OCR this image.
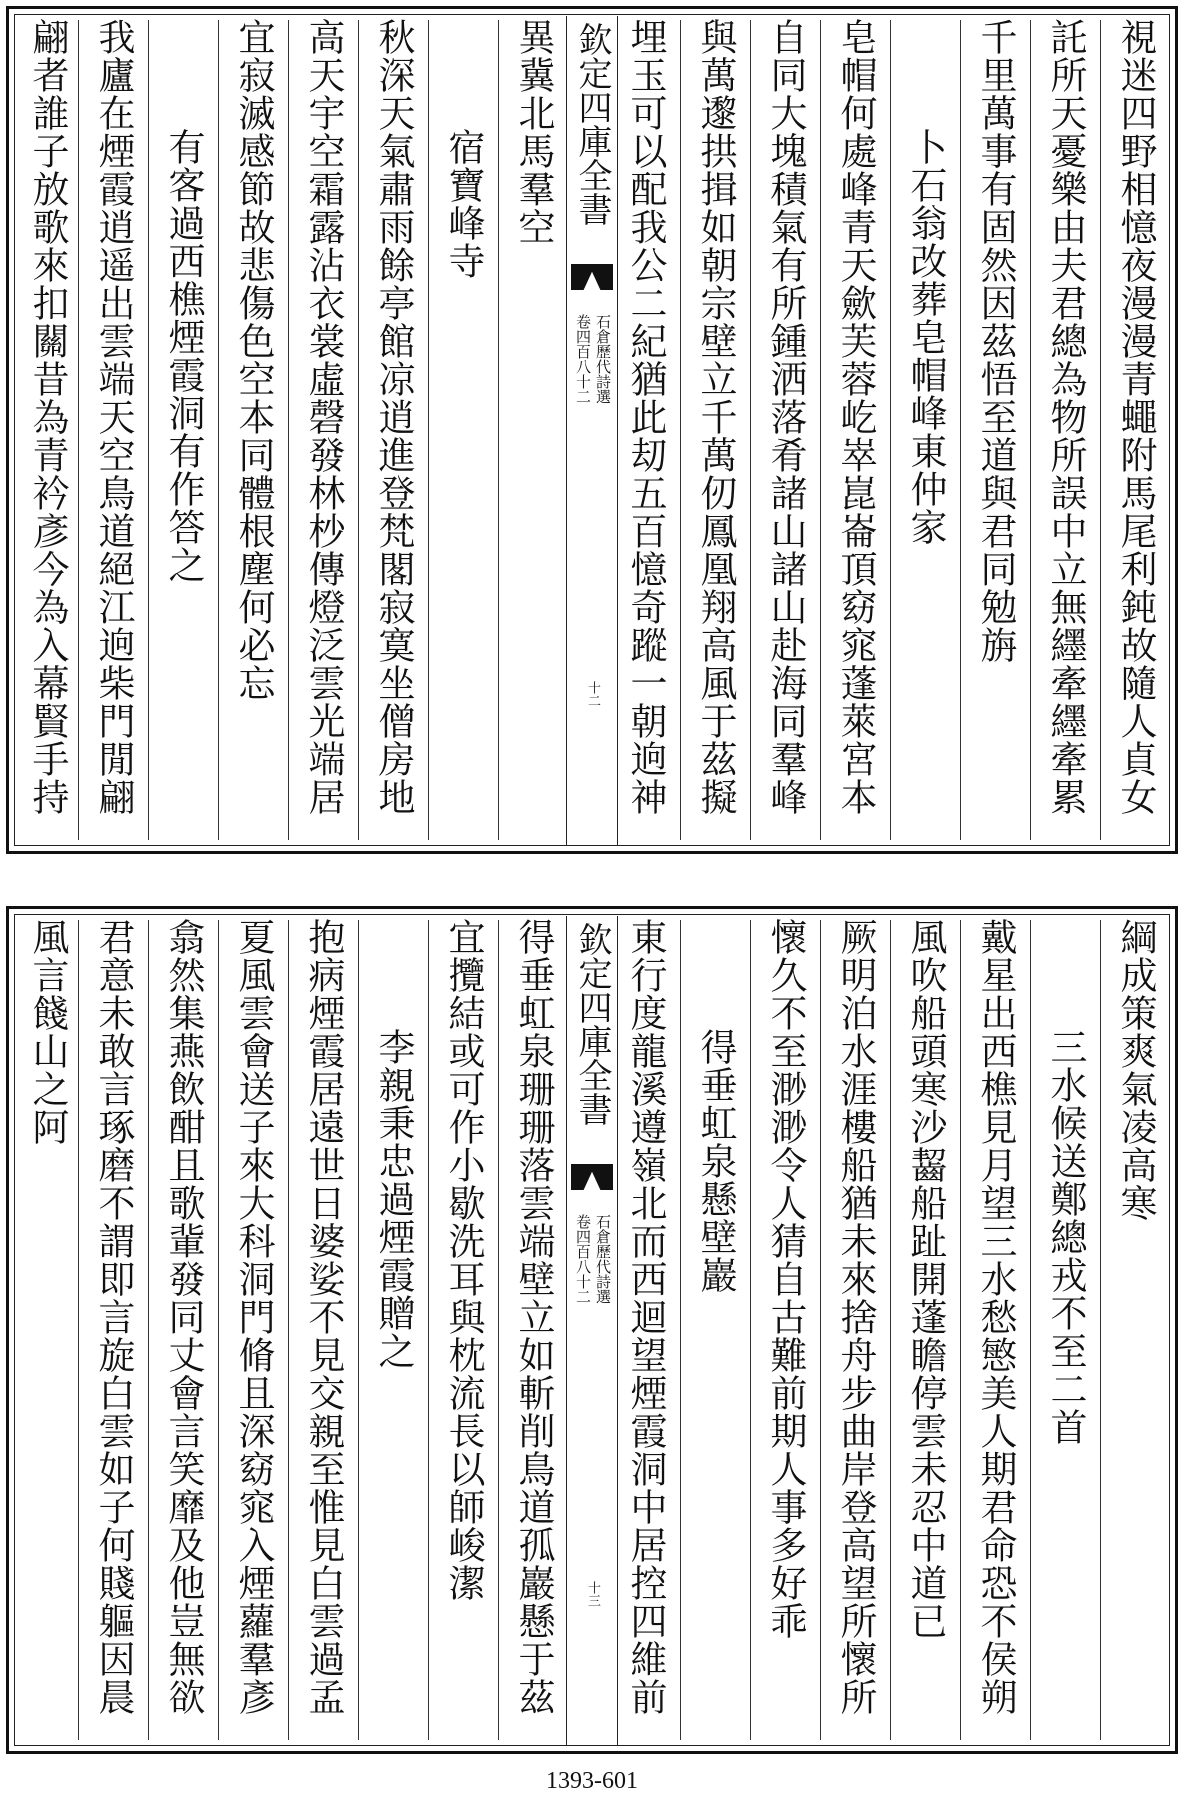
視迷四野相憶夜漫漫青蠅附馬尾利鈍故隨人貞女
託所天憂樂由夫君總為物所誤中立無纆牽纆牽累
千里萬事有固然因茲悟至道與君同勉旃
卜石翁改葬皂帽峰東仲家
皂帽何處峰青天歛芙蓉屹崒崑崙頂窈窕蓬萊宮本
自同大塊積氣有所鍾洒落肴諸山諸山赴海同羣峰
與萬邌拱揖如朝宗壁立千萬仞鳳凰翔高風于茲擬
埋玉可以配我公二紀猶此刧五百憶奇蹤一朝逈神
欽定四庫全書
卷四百八十二 石倉歷代詩選
十二
異冀北馬羣空
宿寶峰寺
秋深天氣肅雨餘亭館凉逍進登梵閣寂寞坐僧房地
高天宇空霜露沾衣裳虛磬發林杪傳燈泛雲光端居
宜寂滅感節故悲傷色空本同體根塵何必忘
有客過西樵煙霞洞有作答之
我廬在煙霞逍遥出雲端天空鳥道絕江逈柴門閒翩
翩者誰子放歌來扣關昔為青衿彥今為入幕賢手持
綱成策爽氣凌高寒
三水候送鄭總戎不至二首
戴星出西樵見月望三水愁慜美人期君命恐不侯朔
風吹船頭寒沙齧船趾開蓬瞻停雲未忍中道已
厥明泊水涯樓船猶未來捨舟步曲岸登高望所懷所
懷久不至渺渺令人猜自古難前期人事多好乖
得垂虹泉懸壁巖
東行度龍溪遵嶺北而西迴望煙霞洞中居控四維前
欽定四庫全書
卷四百八十二 石倉歷代詩選
十三
得垂虹泉珊珊落雲端壁立如斬削鳥道孤巖懸于茲
宜攬結或可作小歇洗耳與枕流長以師峻潔
李親秉忠過煙霞贈之
抱病煙霞居遠世日婆娑不見交親至惟見白雲過孟
夏風雲會送子來大科洞門脩且深窈窕入煙蘿羣彥
翕然集燕飲酣且歌軰發同丈會言笑靡及他豈無欲
君意未敢言琢磨不謂即言旋白雲如子何賤軀因晨
風言餞山之阿
1393-601
